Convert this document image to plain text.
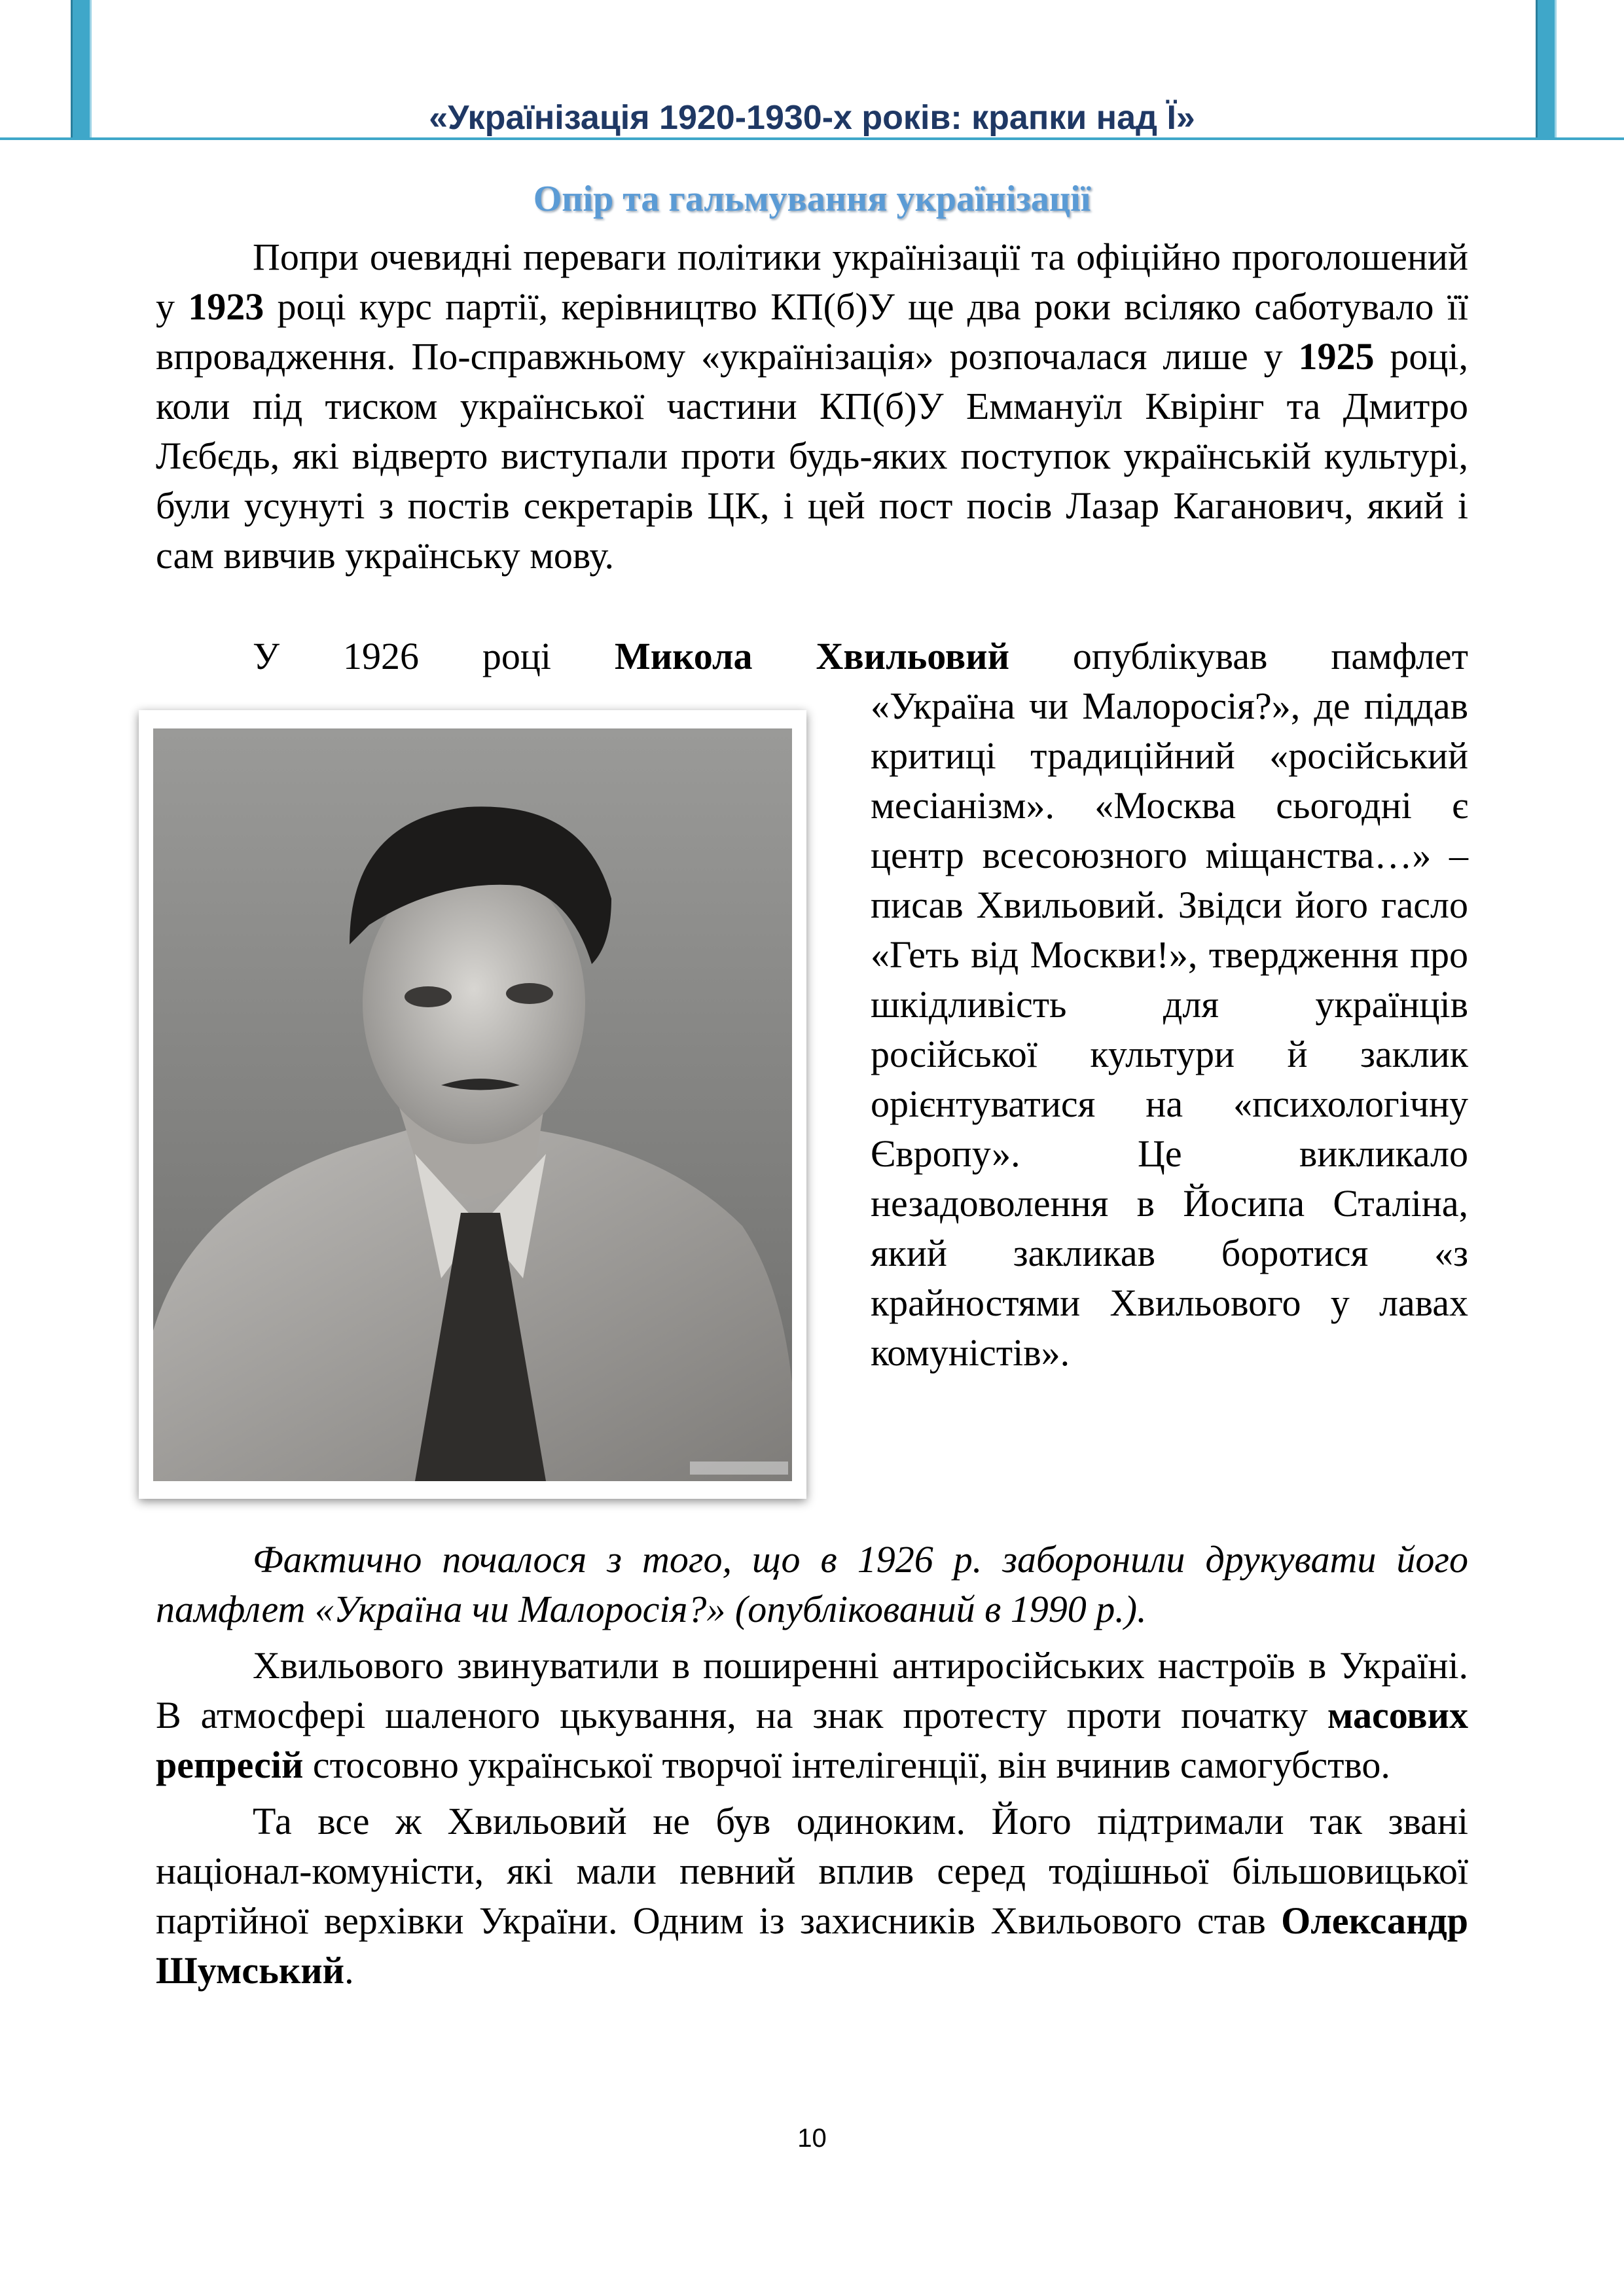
«Українізація 1920-1930-х років: крапки над Ї»
Опір та гальмування українізації

Попри очевидні переваги політики українізації та офіційно проголошений у 1923 році курс партії, керівництво КП(б)У ще два роки всіляко саботувало її впровадження. По-справжньому «українізація» розпочалася лише у 1925 році, коли під тиском української частини КП(б)У Еммануїл Квірінг та Дмитро Лєбєдь, які відверто виступали проти будь-яких поступок українській культурі, були усунуті з постів секретарів ЦК, і цей пост посів Лазар Каганович, який і сам вивчив українську мову.

У 1926 році Микола Хвильовий опублікував памфлет

«Україна чи Малоросія?», де піддав критиці традиційний «російський месіанізм». «Москва сьогодні є центр всесоюзного міщанства…» – писав Хвильовий. Звідси його гасло «Геть від Москви!», твердження про шкідливість для українців російської культури й заклик орієнтуватися на «психологічну Європу». Це викликало незадоволення в Йосипа Сталіна, який закликав боротися «з крайностями Хвильового у лавах комуністів».

Фактично почалося з того, що в 1926 р. заборонили друкувати його памфлет «Україна чи Малоросія?» (опублікований в 1990 р.).

Хвильового звинуватили в поширенні антиросійських настроїв в Україні. В атмосфері шаленого цькування, на знак протесту проти початку масових репресій стосовно української творчої інтелігенції, він вчинив самогубство.

Та все ж Хвильовий не був одиноким. Його підтримали так звані націонал-комуністи, які мали певний вплив серед тодішньої більшовицької партійної верхівки України. Одним із захисників Хвильового став Олександр Шумський.

10
